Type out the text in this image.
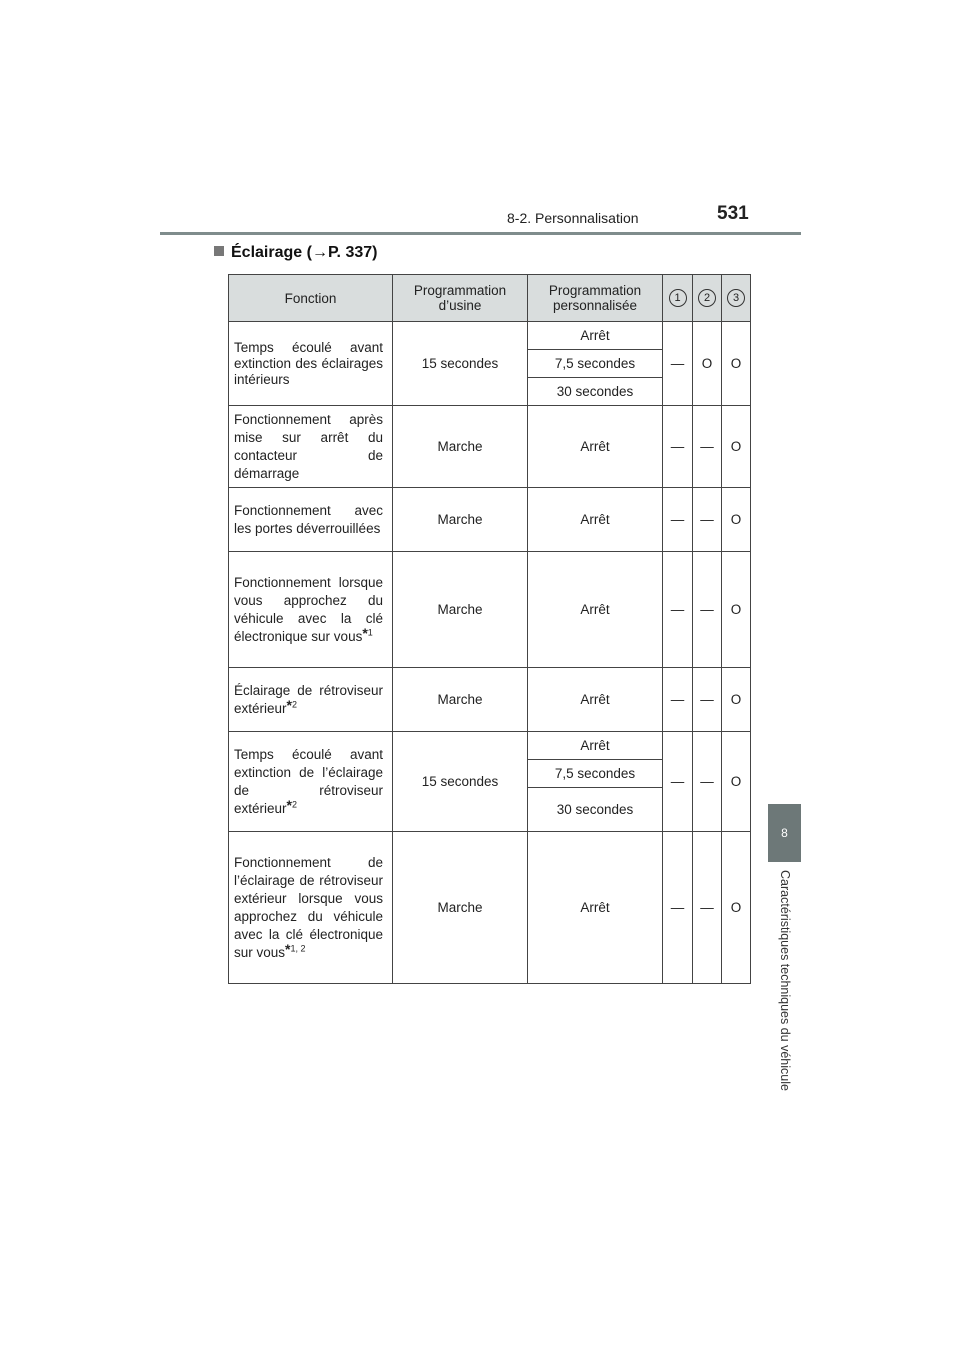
8-2. Personnalisation	531
Éclairage (→P. 337)
8
Caractéristiques techniques du véhicule
Fonction	Programmation d’usine	Programmation personnalisée	1	2	3
Temps écoulé avant extinction des éclairages intérieurs	15 secondes	Arrêt	—	O	O
		7,5 secondes			
		30 secondes			
Fonctionnement après mise sur arrêt du contacteur de démarrage	Marche	Arrêt	—	—	O
Fonctionnement avec les portes déverrouillées	Marche	Arrêt	—	—	O
Fonctionnement lorsque vous approchez du véhicule avec la clé électronique sur vous*$^1$	Marche	Arrêt	—	—	O
Éclairage de rétroviseur extérieur*$^2$	Marche	Arrêt	—	—	O
Temps écoulé avant extinction de l’éclairage de rétroviseur extérieur*$^2$	15 secondes	Arrêt	—	—	O
		7,5 secondes			
		30 secondes			
Fonctionnement de l’éclairage de rétroviseur extérieur lorsque vous approchez du véhicule avec la clé électronique sur vous*$^{1, 2}$	Marche	Arrêt	—	—	O
